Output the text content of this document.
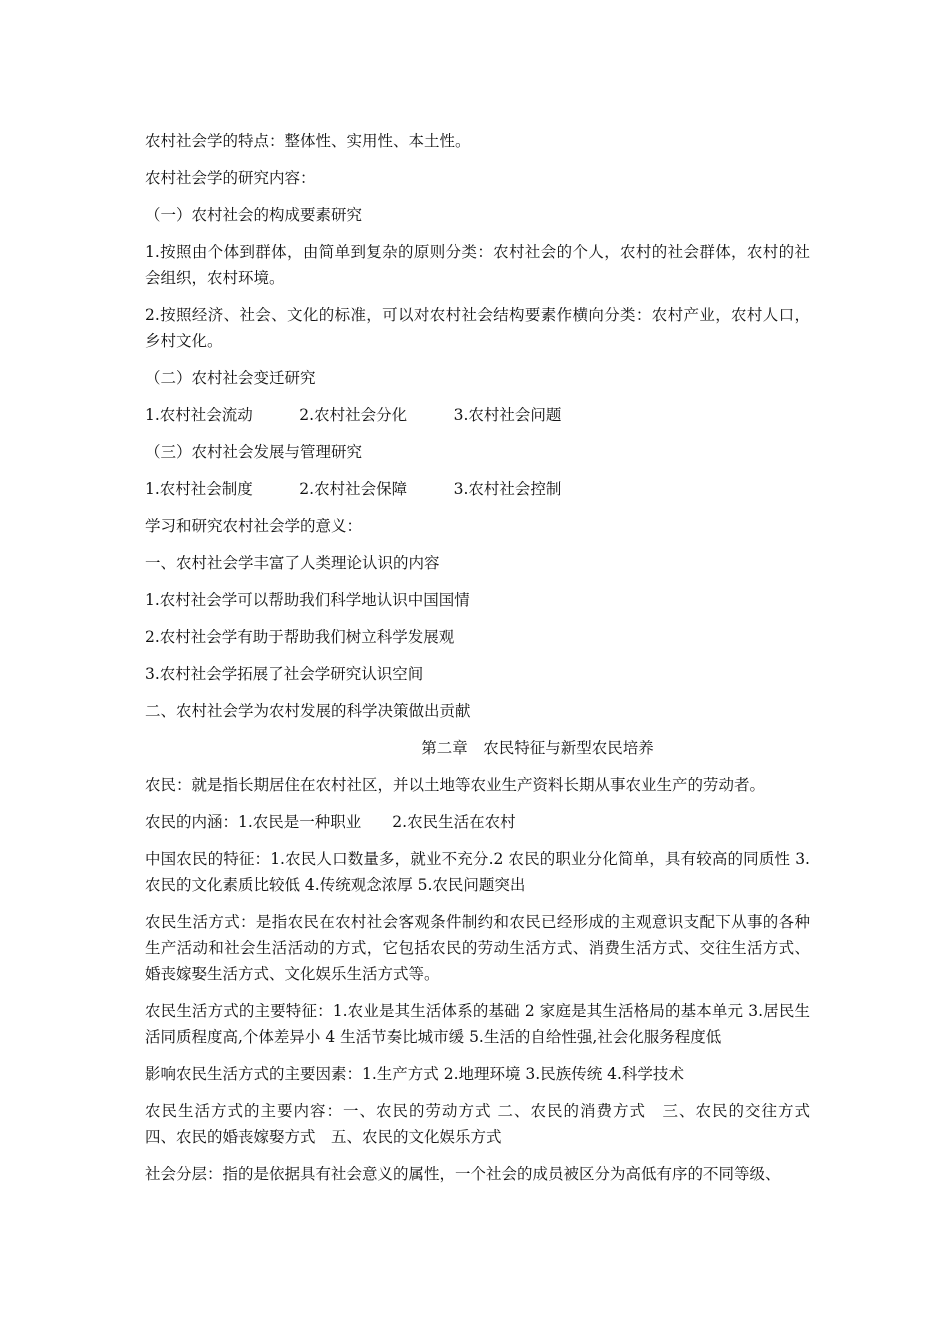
农村社会学的特点：整体性、实用性、本土性。

农村社会学的研究内容：

（一）农村社会的构成要素研究

1.按照由个体到群体，由简单到复杂的原则分类：农村社会的个人，农村的社会群体，农村的社会组织，农村环境。

2.按照经济、社会、文化的标准，可以对农村社会结构要素作横向分类：农村产业，农村人口，乡村文化。

（二）农村社会变迁研究

1.农村社会流动　　　2.农村社会分化　　　3.农村社会问题

（三）农村社会发展与管理研究

1.农村社会制度　　　2.农村社会保障　　　3.农村社会控制

学习和研究农村社会学的意义：

一、农村社会学丰富了人类理论认识的内容

1.农村社会学可以帮助我们科学地认识中国国情

2.农村社会学有助于帮助我们树立科学发展观

3.农村社会学拓展了社会学研究认识空间

二、农村社会学为农村发展的科学决策做出贡献

第二章　农民特征与新型农民培养

农民：就是指长期居住在农村社区，并以土地等农业生产资料长期从事农业生产的劳动者。

农民的内涵：1.农民是一种职业　　2.农民生活在农村

中国农民的特征：1.农民人口数量多，就业不充分.2 农民的职业分化简单，具有较高的同质性 3.农民的文化素质比较低 4.传统观念浓厚 5.农民问题突出

农民生活方式：是指农民在农村社会客观条件制约和农民已经形成的主观意识支配下从事的各种生产活动和社会生活活动的方式，它包括农民的劳动生活方式、消费生活方式、交往生活方式、婚丧嫁娶生活方式、文化娱乐生活方式等。

农民生活方式的主要特征：1.农业是其生活体系的基础 2 家庭是其生活格局的基本单元 3.居民生活同质程度高,个体差异小 4 生活节奏比城市缓 5.生活的自给性强,社会化服务程度低

影响农民生活方式的主要因素：1.生产方式 2.地理环境 3.民族传统 4.科学技术

农民生活方式的主要内容：一、农民的劳动方式 二、农民的消费方式　三、农民的交往方式　四、农民的婚丧嫁娶方式　五、农民的文化娱乐方式

社会分层：指的是依据具有社会意义的属性，一个社会的成员被区分为高低有序的不同等级、
